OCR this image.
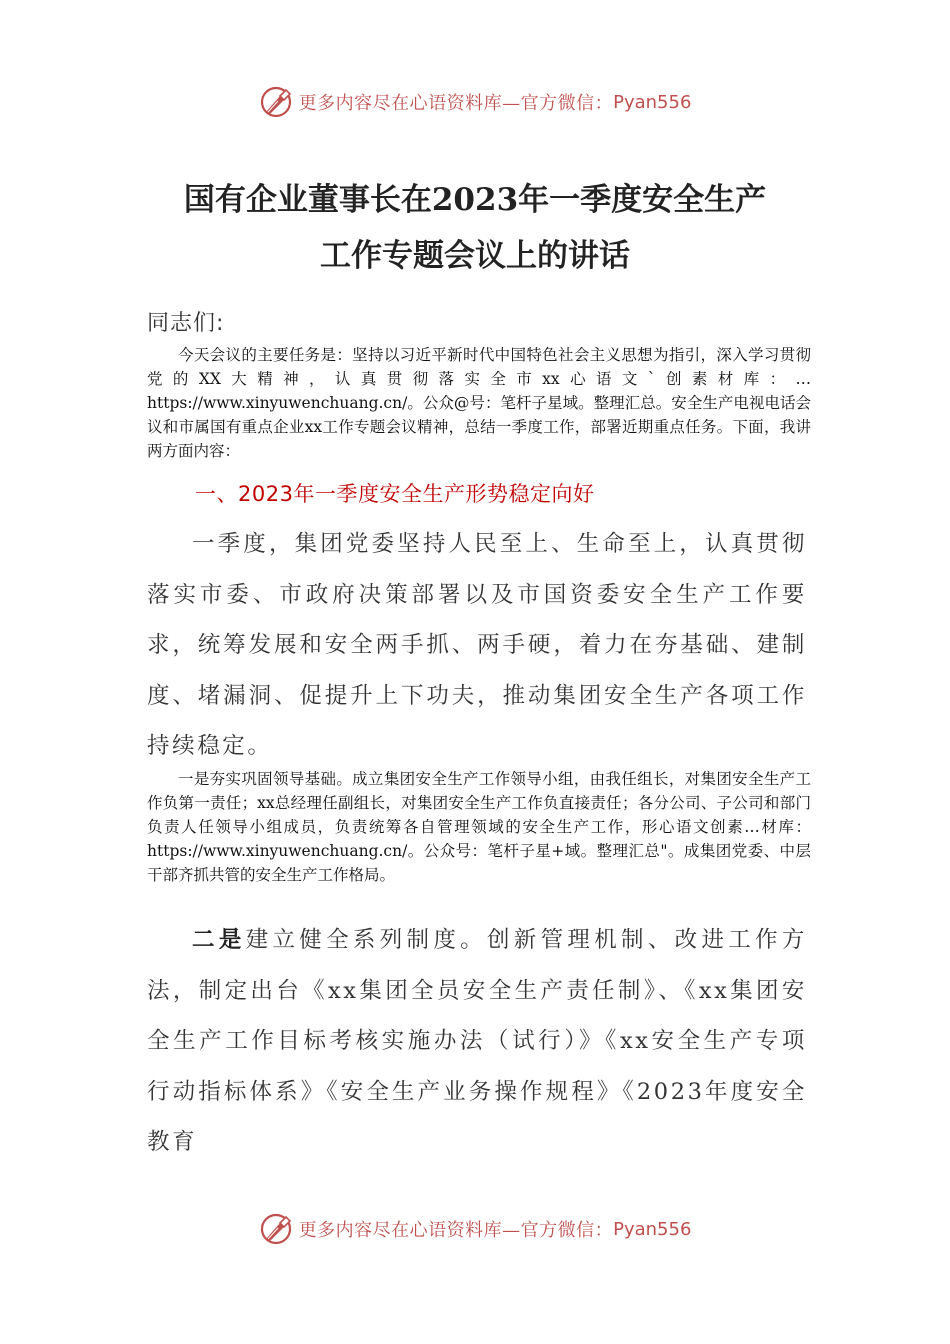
更多内容尽在心语资料库—官方微信： Pyan556
国有企业董事长在2023年一季度安全生产
工作专题会议上的讲话
同志们:
今天会议的主要任务是：坚持以习近平新时代中国特色社会主义思想为指引，深入学习贯彻党的XX大精神，认真贯彻落实全市xx心语文`创素材库：…https://www.xinyuwenchuang.cn/。公众@号：笔杆子星域。整理汇总。安全生产电视电话会议和市属国有重点企业xx工作专题会议精神，总结一季度工作，部署近期重点任务。下面，我讲两方面内容：
一、2023年一季度安全生产形势稳定向好
一季度，集团党委坚持人民至上、生命至上，认真贯彻落实市委、市政府决策部署以及市国资委安全生产工作要求，统筹发展和安全两手抓、两手硬，着力在夯基础、建制度、堵漏洞、促提升上下功夫，推动集团安全生产各项工作持续稳定。
一是夯实巩固领导基础。成立集团安全生产工作领导小组，由我任组长，对集团安全生产工作负第一责任；xx总经理任副组长，对集团安全生产工作负直接责任；各分公司、子公司和部门负责人任领导小组成员，负责统筹各自管理领域的安全生产工作，形心语文创素…材库：https://www.xinyuwenchuang.cn/。公众号：笔杆子星+域。整理汇总"。成集团党委、中层干部齐抓共管的安全生产工作格局。
二是建立健全系列制度。创新管理机制、改进工作方法，制定出台《xx集团全员安全生产责任制》、《xx集团安全生产工作目标考核实施办法（试行）》《xx安全生产专项行动指标体系》《安全生产业务操作规程》《2023年度安全教育
更多内容尽在心语资料库—官方微信： Pyan556
